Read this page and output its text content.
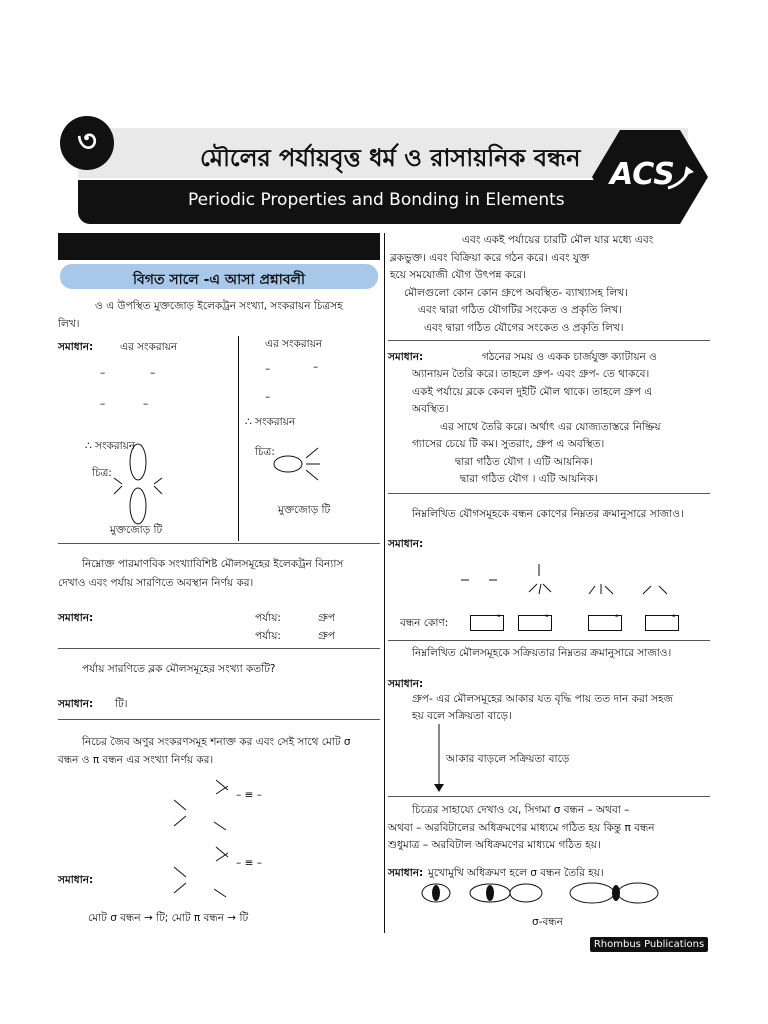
৩	মৌলের পর্যায়বৃত্ত ধর্ম ও রাসায়নিক বন্ধন
Periodic Properties and Bonding in Elements
ACS
বিগত সালে -এ আসা প্রশ্নাবলী
ও এ উপস্থিত মুক্তজোড় ইলেকট্রন সংখ্যা, সংকরায়ন চিত্রসহ
লিখ।
সমাধান:	এর সংকরায়ন	এর সংকরায়ন
–	–
–	–
–	–
–
∴ সংকরায়ন
∴ সংকরায়ন	চিত্র:
চিত্র:
মুক্তজোড় টি
মুক্তজোড় টি
নিম্নোক্ত পারমাণবিক সংখ্যাবিশিষ্ট মৌলসমূহের ইলেকট্রন বিন্যাস
দেখাও এবং পর্যায় সারণিতে অবস্থান নির্ণয় কর।
সমাধান:	পর্যায়:	গ্রুপ
পর্যায়:	গ্রুপ
পর্যায় সারণিতে ব্লক মৌলসমূহের সংখ্যা কতটি?
সমাধান: টি।
নিচের জৈব অণুর সংকরণসমূহ শনাক্ত কর এবং সেই সাথে মোট σ
বন্ধন ও π বন্ধন এর সংখ্যা নির্ণয় কর।
– ≡ –
– ≡ –
সমাধান:
মোট σ বন্ধন → টি; মোট π বন্ধন → টি
এবং একই পর্যায়ের চারটি মৌল যার মধ্যে এবং
ব্লকভুক্ত। এবং বিক্রিয়া করে গঠন করে। এবং যুক্ত
হয়ে সমযোজী যৌগ উৎপন্ন করে।
মৌলগুলো কোন কোন গ্রুপে অবস্থিত- ব্যাখ্যাসহ লিখ।
এবং দ্বারা গঠিত যৌগটির সংকেত ও প্রকৃতি লিখ।
এবং দ্বারা গঠিত যৌগের সংকেত ও প্রকৃতি লিখ।
সমাধান:	গঠনের সময় ও একক চার্জযুক্ত ক্যাটায়ন ও
অ্যানায়ন তৈরি করে। তাহলে গ্রুপ- এবং গ্রুপ- তে থাকবে।
একই পর্যায়ে ব্লকে কেবল দুইটি মৌল থাকে। তাহলে গ্রুপ এ
অবস্থিত।
এর সাথে তৈরি করে। অর্থাৎ এর যোজ্যতাস্তরে নিষ্ক্রিয়
গ্যাসের চেয়ে টি কম। সুতরাং, গ্রুপ এ অবস্থিত।
দ্বারা গঠিত যৌগ । এটি আয়নিক।
দ্বারা গঠিত যৌগ । এটি আয়নিক।
নিম্নলিখিত যৌগসমূহকে বন্ধন কোণের নিম্নতর ক্রমানুসারে সাজাও।
সমাধান:
বন্ধন কোণ:	°	°	°	°
নিম্নলিখিত মৌলসমূহকে সক্রিয়তার নিম্নতর ক্রমানুসারে সাজাও।
সমাধান:
গ্রুপ- এর মৌলসমূহের আকার যত বৃদ্ধি পায় তত দান করা সহজ
হয় বলে সক্রিয়তা বাড়ে।
আকার বাড়লে সক্রিয়তা বাড়ে
চিত্রের সাহায্যে দেখাও যে, সিগমা σ বন্ধন – অথবা –
অথবা – অরবিটালের অধিক্রমণের মাধ্যমে গঠিত হয় কিন্তু π বন্ধন
শুধুমাত্র – অরবিটাল অধিক্রমণের মাধ্যমে গঠিত হয়।
সমাধান: মুখোমুখি অধিক্রমণ হলে σ বন্ধন তৈরি হয়।
σ-বন্ধন
Rhombus Publications
